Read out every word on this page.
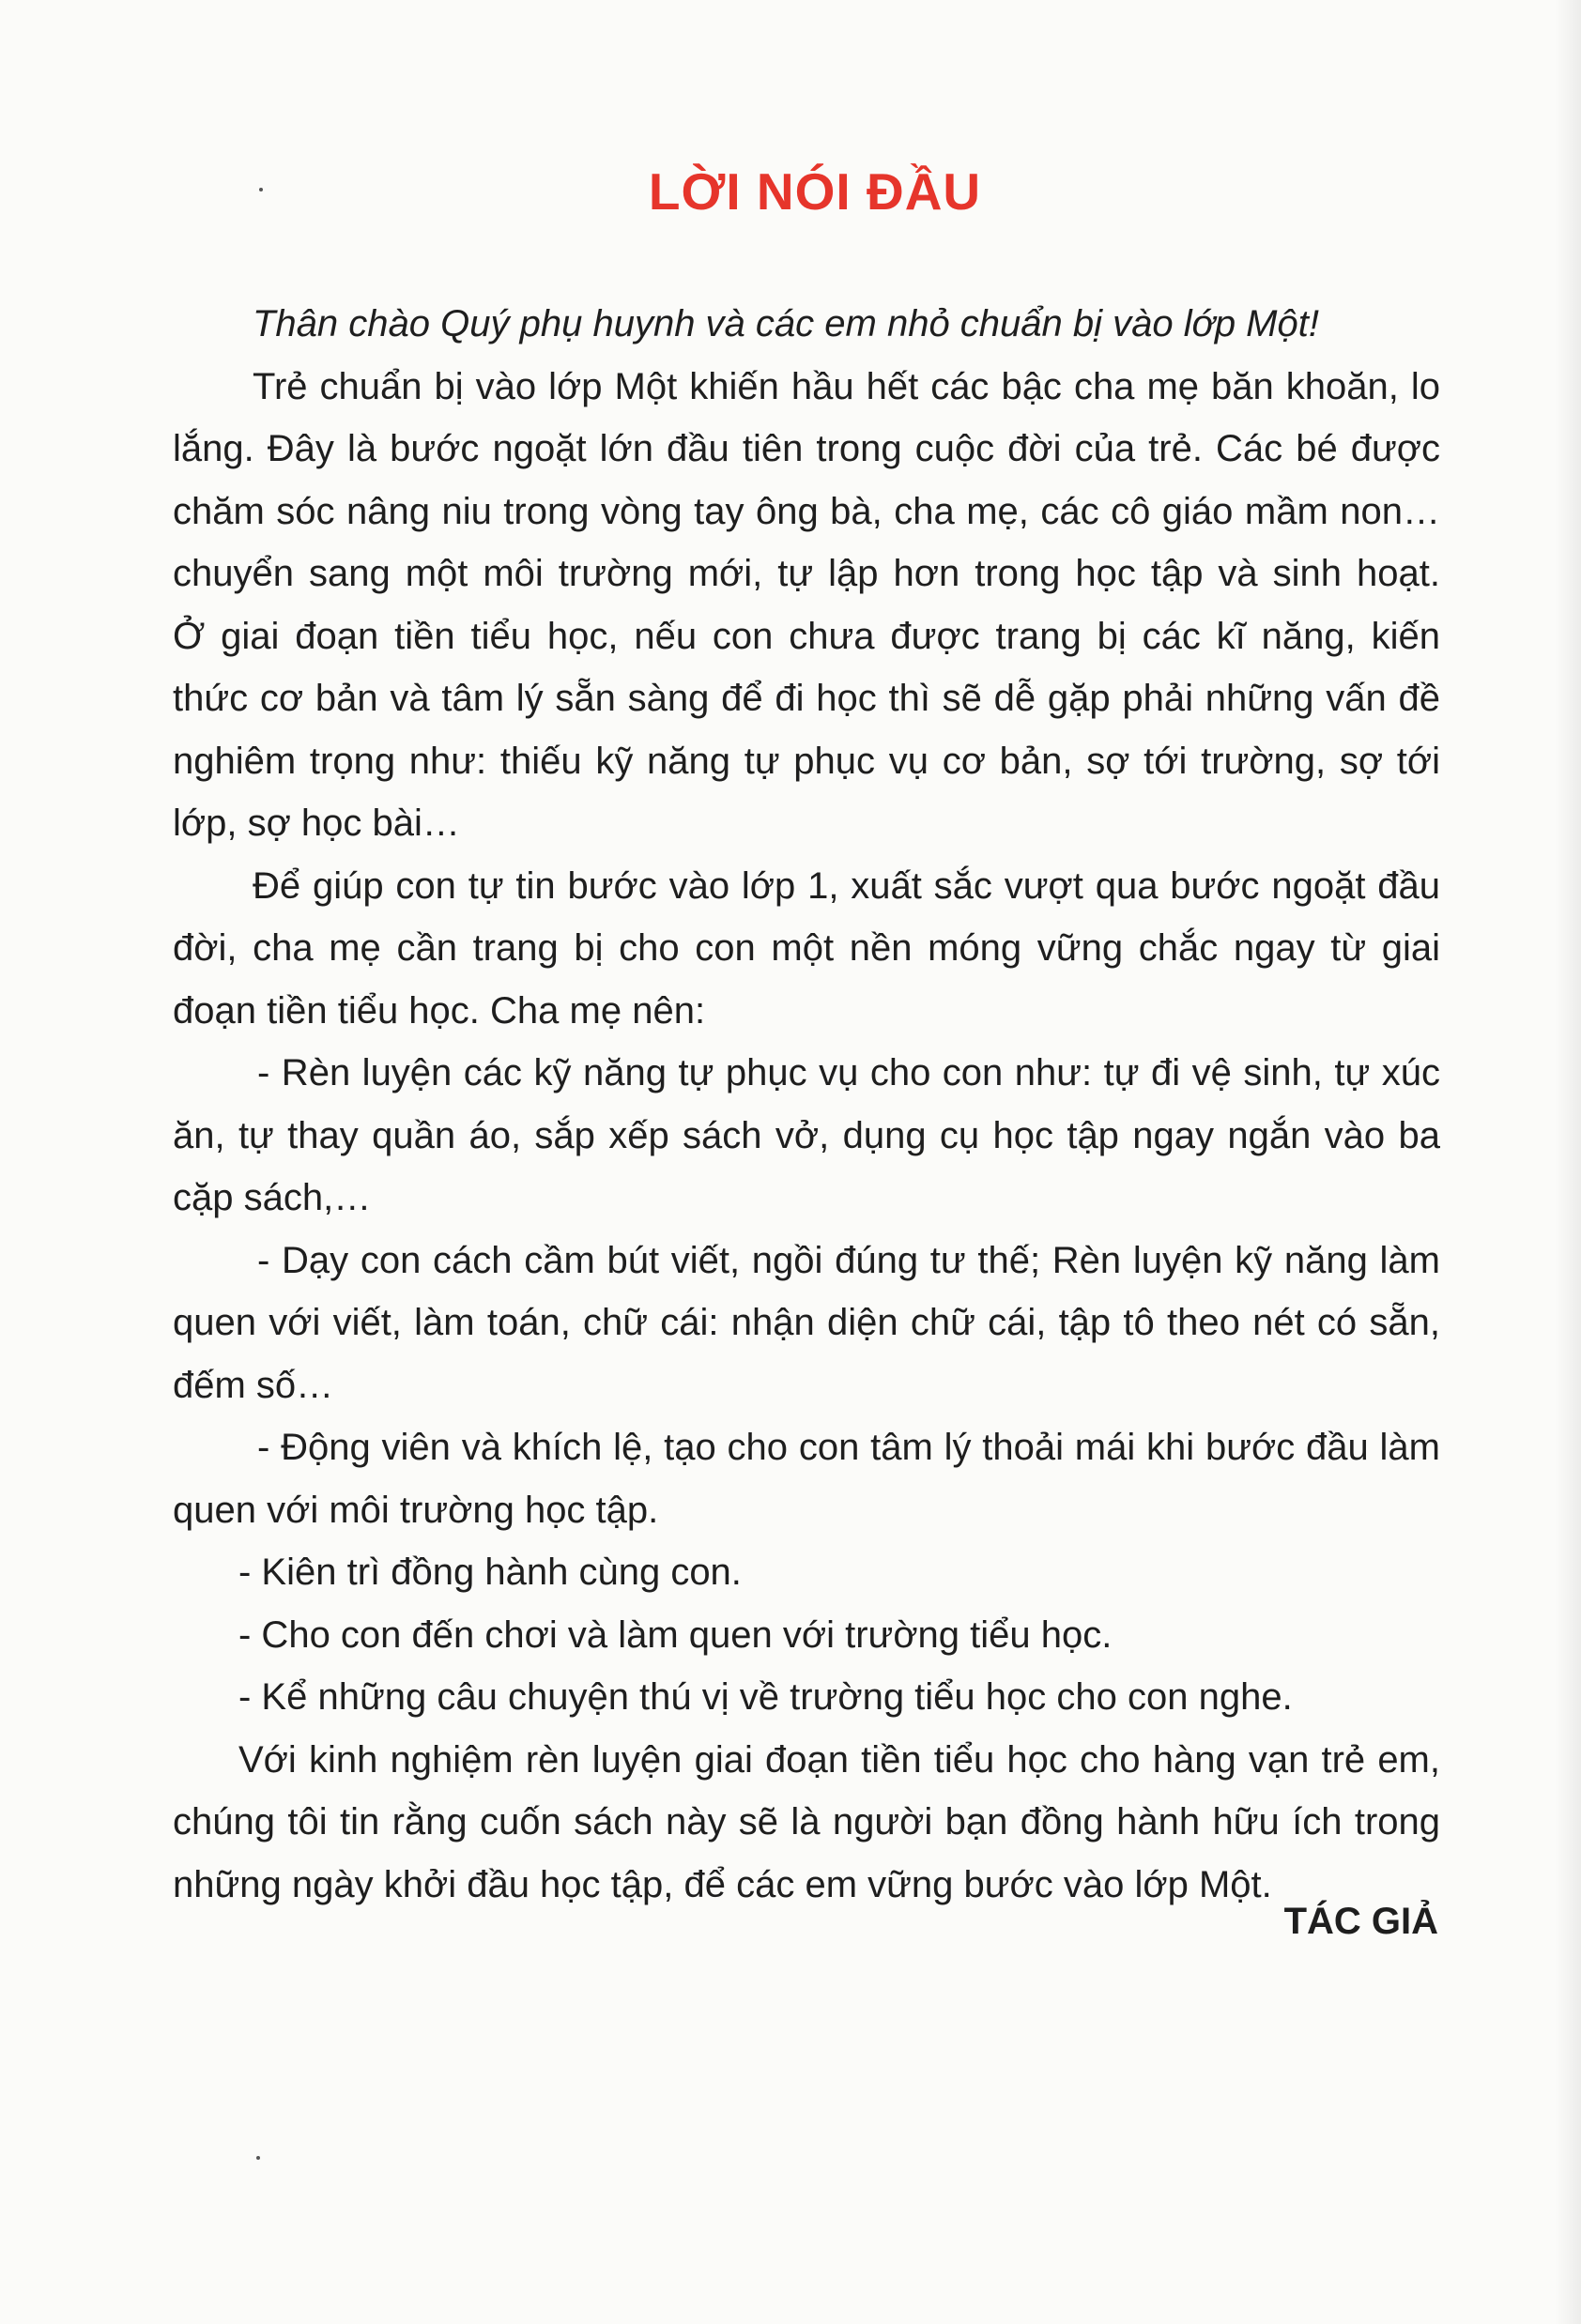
LỜI NÓI ĐẦU
Thân chào Quý phụ huynh và các em nhỏ chuẩn bị vào lớp Một!
Trẻ chuẩn bị vào lớp Một khiến hầu hết các bậc cha mẹ băn khoăn, lo
lắng. Đây là bước ngoặt lớn đầu tiên trong cuộc đời của trẻ. Các bé được
chăm sóc nâng niu trong vòng tay ông bà, cha mẹ, các cô giáo mầm non…
chuyển sang một môi trường mới, tự lập hơn trong học tập và sinh hoạt.
Ở giai đoạn tiền tiểu học, nếu con chưa được trang bị các kĩ năng, kiến
thức cơ bản và tâm lý sẵn sàng để đi học thì sẽ dễ gặp phải những vấn đề
nghiêm trọng như: thiếu kỹ năng tự phục vụ cơ bản, sợ tới trường, sợ tới
lớp, sợ học bài…
Để giúp con tự tin bước vào lớp 1, xuất sắc vượt qua bước ngoặt đầu
đời, cha mẹ cần trang bị cho con một nền móng vững chắc ngay từ giai
đoạn tiền tiểu học. Cha mẹ nên:
- Rèn luyện các kỹ năng tự phục vụ cho con như: tự đi vệ sinh, tự xúc
ăn, tự thay quần áo, sắp xếp sách vở, dụng cụ học tập ngay ngắn vào ba
cặp sách,…
- Dạy con cách cầm bút viết, ngồi đúng tư thế; Rèn luyện kỹ năng làm
quen với viết, làm toán, chữ cái: nhận diện chữ cái, tập tô theo nét có sẵn,
đếm số…
- Động viên và khích lệ, tạo cho con tâm lý thoải mái khi bước đầu làm
quen với môi trường học tập.
- Kiên trì đồng hành cùng con.
- Cho con đến chơi và làm quen với trường tiểu học.
- Kể những câu chuyện thú vị về trường tiểu học cho con nghe.
Với kinh nghiệm rèn luyện giai đoạn tiền tiểu học cho hàng vạn trẻ em,
chúng tôi tin rằng cuốn sách này sẽ là người bạn đồng hành hữu ích trong
những ngày khởi đầu học tập, để các em vững bước vào lớp Một.
TÁC GIẢ
